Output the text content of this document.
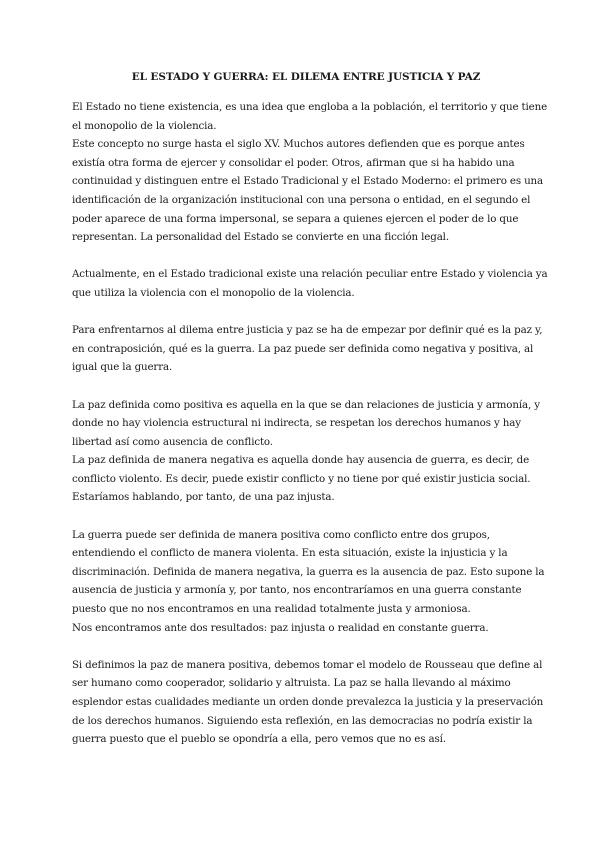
EL ESTADO Y GUERRA: EL DILEMA ENTRE JUSTICIA Y PAZ
El Estado no tiene existencia, es una idea que engloba a la población, el territorio y que tiene
el monopolio de la violencia.
Este concepto no surge hasta el siglo XV. Muchos autores defienden que es porque antes
existía otra forma de ejercer y consolidar el poder. Otros, afirman que si ha habido una
continuidad y distinguen entre el Estado Tradicional y el Estado Moderno: el primero es una
identificación de la organización institucional con una persona o entidad, en el segundo el
poder aparece de una forma impersonal, se separa a quienes ejercen el poder de lo que
representan. La personalidad del Estado se convierte en una ficción legal.
Actualmente, en el Estado tradicional existe una relación peculiar entre Estado y violencia ya
que utiliza la violencia con el monopolio de la violencia.
Para enfrentarnos al dilema entre justicia y paz se ha de empezar por definir qué es la paz y,
en contraposición, qué es la guerra. La paz puede ser definida como negativa y positiva, al
igual que la guerra.
La paz definida como positiva es aquella en la que se dan relaciones de justicia y armonía, y
donde no hay violencia estructural ni indirecta, se respetan los derechos humanos y hay
libertad así como ausencia de conflicto.
La paz definida de manera negativa es aquella donde hay ausencia de guerra, es decir, de
conflicto violento. Es decir, puede existir conflicto y no tiene por qué existir justicia social.
Estaríamos hablando, por tanto, de una paz injusta.
La guerra puede ser definida de manera positiva como conflicto entre dos grupos,
entendiendo el conflicto de manera violenta. En esta situación, existe la injusticia y la
discriminación. Definida de manera negativa, la guerra es la ausencia de paz. Esto supone la
ausencia de justicia y armonía y, por tanto, nos encontraríamos en una guerra constante
puesto que no nos encontramos en una realidad totalmente justa y armoniosa.
Nos encontramos ante dos resultados: paz injusta o realidad en constante guerra.
Si definimos la paz de manera positiva, debemos tomar el modelo de Rousseau que define al
ser humano como cooperador, solidario y altruista. La paz se halla llevando al máximo
esplendor estas cualidades mediante un orden donde prevalezca la justicia y la preservación
de los derechos humanos. Siguiendo esta reflexión, en las democracias no podría existir la
guerra puesto que el pueblo se opondría a ella, pero vemos que no es así.
